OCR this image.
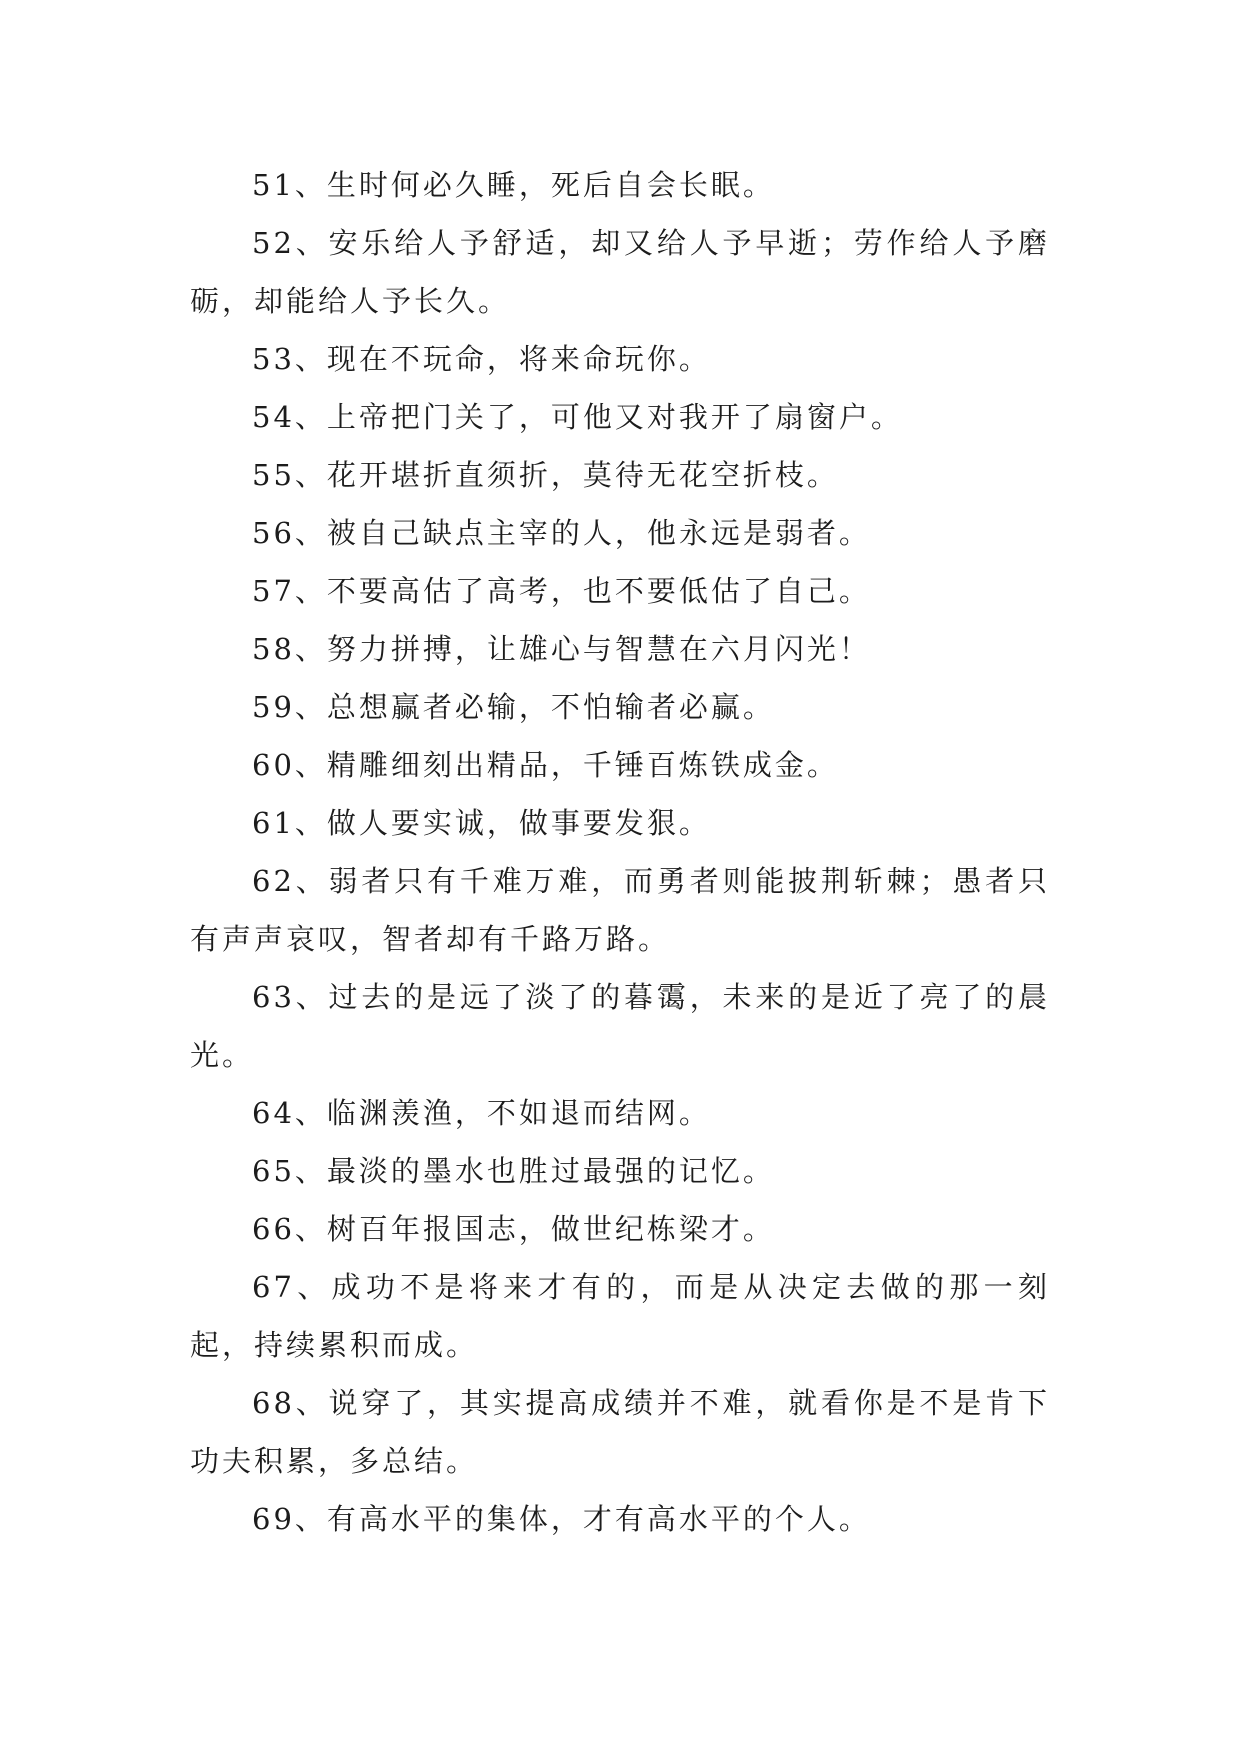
51、生时何必久睡，死后自会长眠。

52、安乐给人予舒适，却又给人予早逝；劳作给人予磨砺，却能给人予长久。

53、现在不玩命，将来命玩你。

54、上帝把门关了，可他又对我开了扇窗户。

55、花开堪折直须折，莫待无花空折枝。

56、被自己缺点主宰的人，他永远是弱者。

57、不要高估了高考，也不要低估了自己。

58、努力拼搏，让雄心与智慧在六月闪光！

59、总想赢者必输，不怕输者必赢。

60、精雕细刻出精品，千锤百炼铁成金。

61、做人要实诚，做事要发狠。

62、弱者只有千难万难，而勇者则能披荆斩棘；愚者只有声声哀叹，智者却有千路万路。

63、过去的是远了淡了的暮霭，未来的是近了亮了的晨光。

64、临渊羡渔，不如退而结网。

65、最淡的墨水也胜过最强的记忆。

66、树百年报国志，做世纪栋梁才。

67、成功不是将来才有的，而是从决定去做的那一刻起，持续累积而成。

68、说穿了，其实提高成绩并不难，就看你是不是肯下功夫积累，多总结。

69、有高水平的集体，才有高水平的个人。
